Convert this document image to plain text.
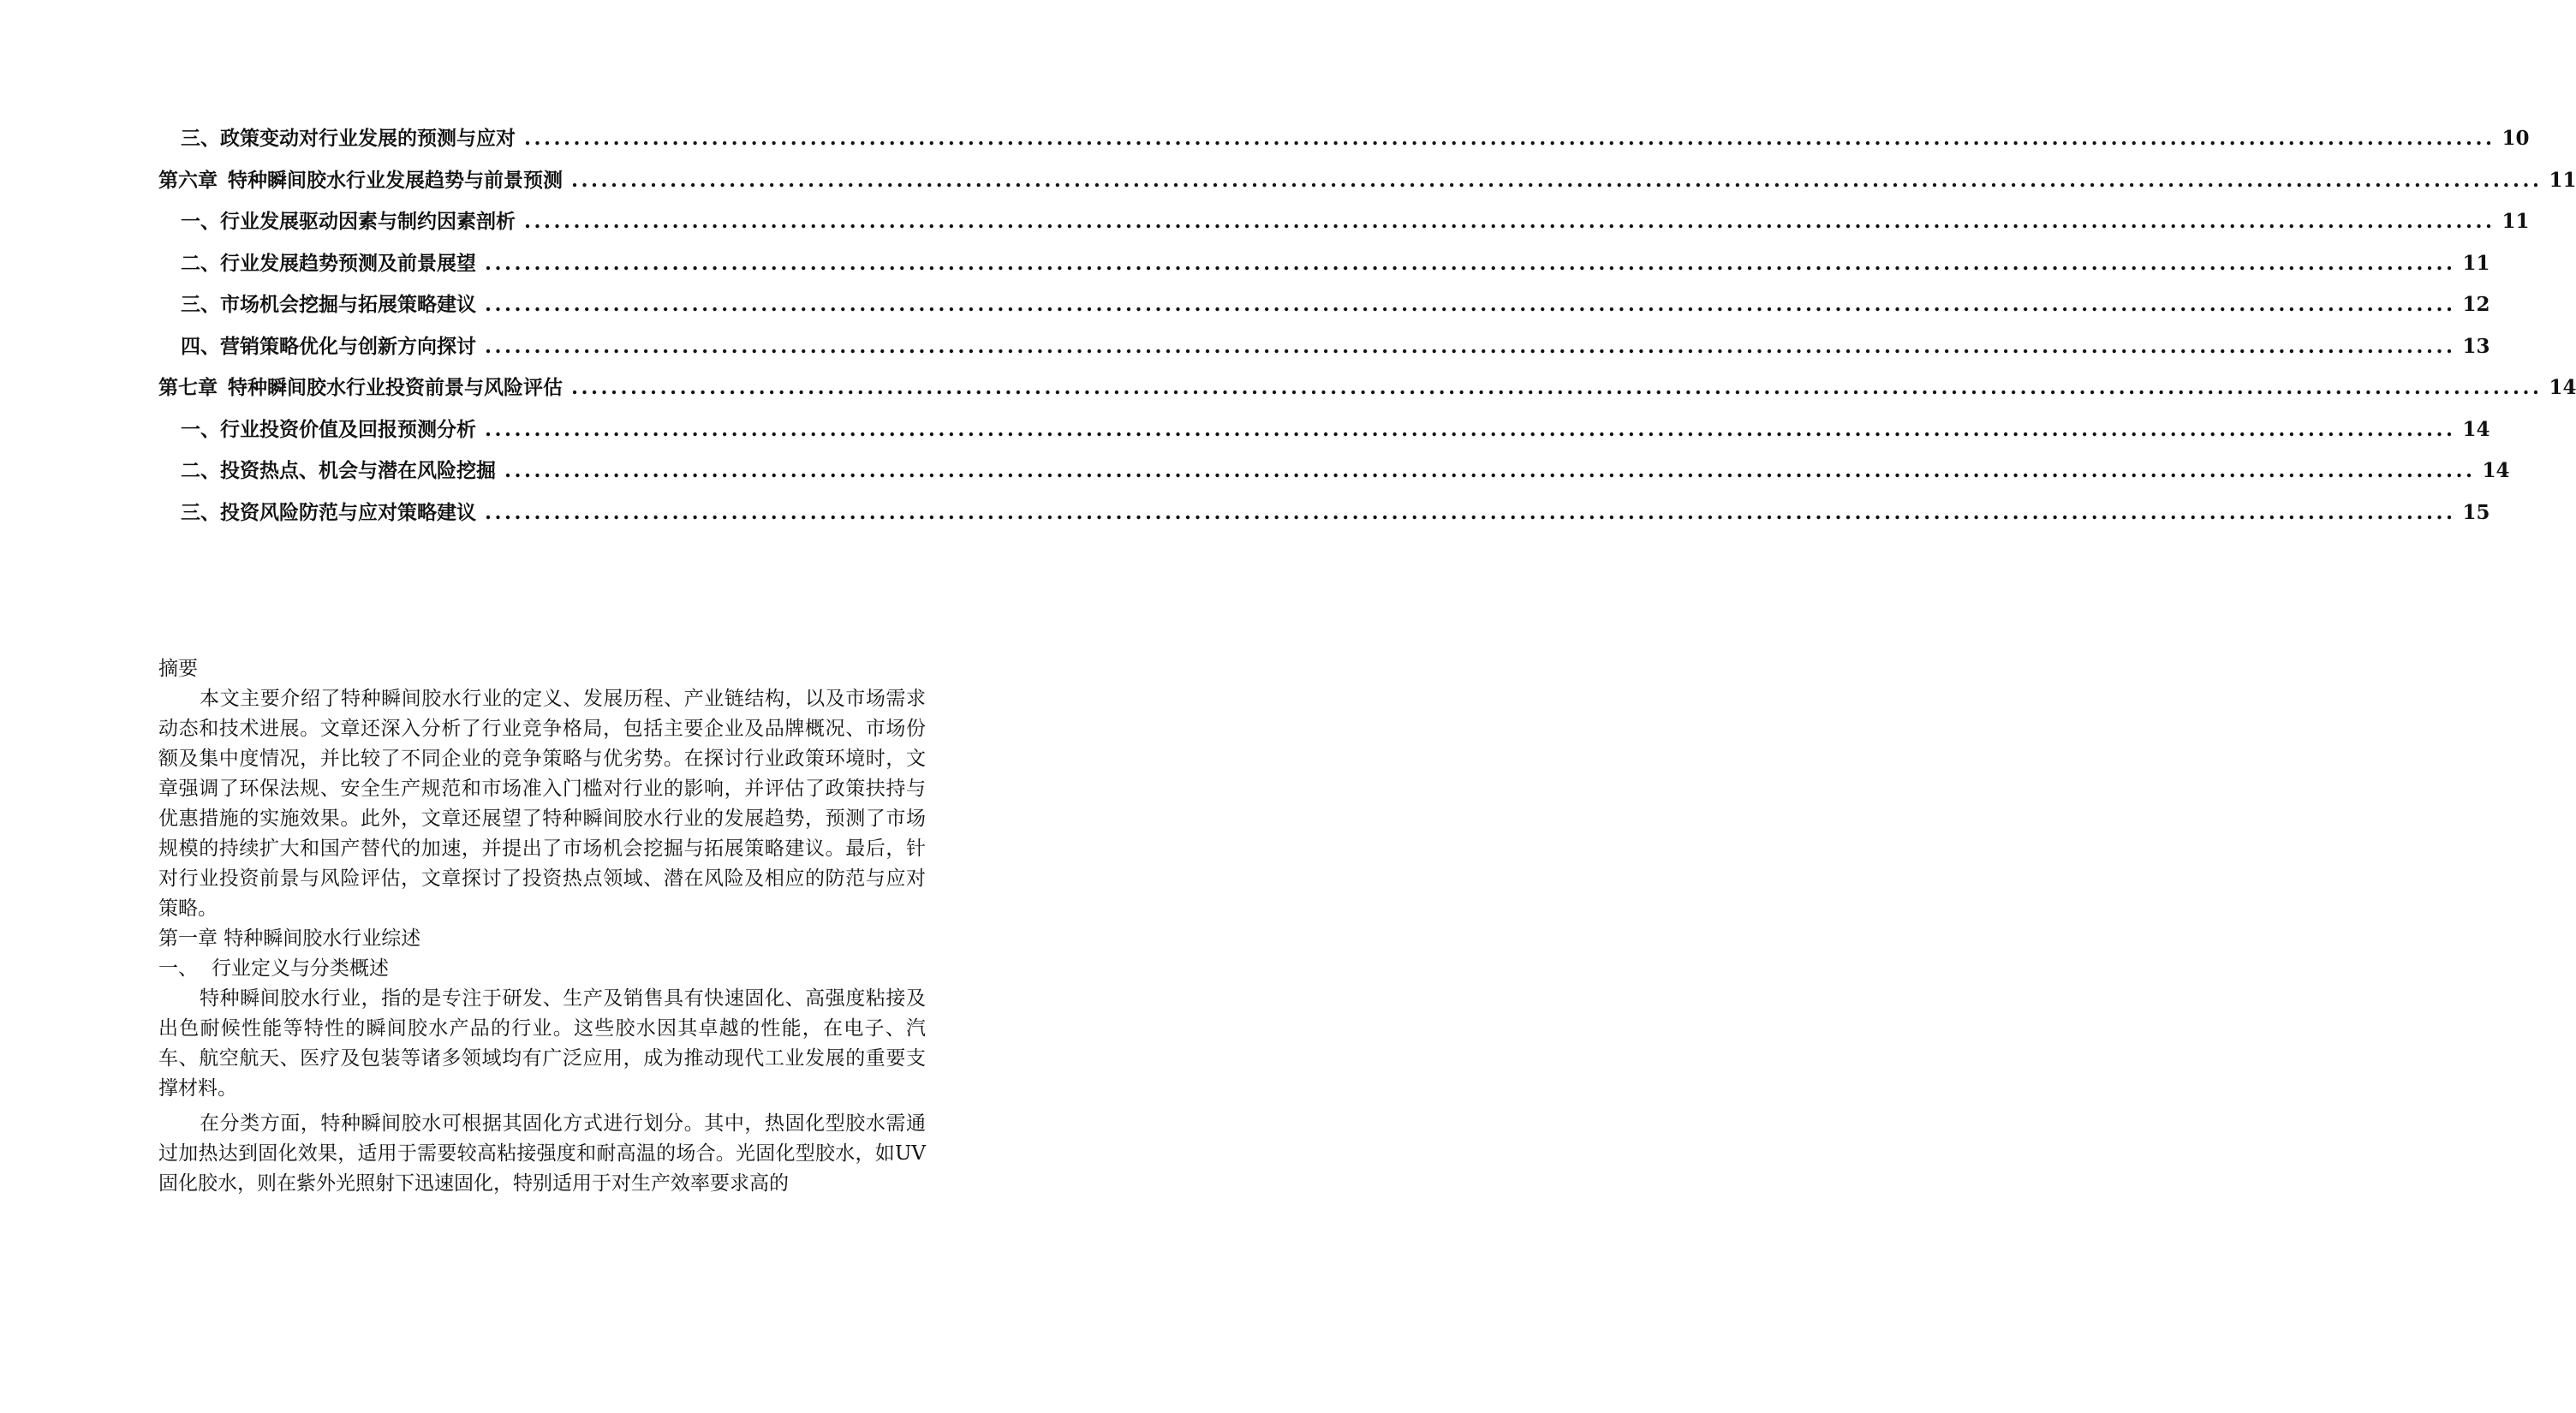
三、 政策变动对行业发展的预测与应对 ........................................................................................................................................................................................................ 10
第六章 特种瞬间胶水行业发展趋势与前景预测 ........................................................................................................................................................................................................ 11
一、 行业发展驱动因素与制约因素剖析 ........................................................................................................................................................................................................ 11
二、 行业发展趋势预测及前景展望 ........................................................................................................................................................................................................ 11
三、 市场机会挖掘与拓展策略建议 ........................................................................................................................................................................................................ 12
四、 营销策略优化与创新方向探讨 ........................................................................................................................................................................................................ 13
第七章 特种瞬间胶水行业投资前景与风险评估 ........................................................................................................................................................................................................ 14
一、 行业投资价值及回报预测分析 ........................................................................................................................................................................................................ 14
二、 投资热点、机会与潜在风险挖掘 ........................................................................................................................................................................................................ 14
三、 投资风险防范与应对策略建议 ........................................................................................................................................................................................................ 15

摘要

本文主要介绍了特种瞬间胶水行业的定义、发展历程、产业链结构，以及市场需求动态和技术进展。文章还深入分析了行业竞争格局，包括主要企业及品牌概况、市场份额及集中度情况，并比较了不同企业的竞争策略与优劣势。在探讨行业政策环境时，文章强调了环保法规、安全生产规范和市场准入门槛对行业的影响，并评估了政策扶持与优惠措施的实施效果。此外，文章还展望了特种瞬间胶水行业的发展趋势，预测了市场规模的持续扩大和国产替代的加速，并提出了市场机会挖掘与拓展策略建议。最后，针对行业投资前景与风险评估，文章探讨了投资热点领域、潜在风险及相应的防范与应对策略。

第一章 特种瞬间胶水行业综述

一、 行业定义与分类概述

特种瞬间胶水行业，指的是专注于研发、生产及销售具有快速固化、高强度粘接及出色耐候性能等特性的瞬间胶水产品的行业。这些胶水因其卓越的性能，在电子、汽车、航空航天、医疗及包装等诸多领域均有广泛应用，成为推动现代工业发展的重要支撑材料。

在分类方面，特种瞬间胶水可根据其固化方式进行划分。其中，热固化型胶水需通过加热达到固化效果，适用于需要较高粘接强度和耐高温的场合。光固化型胶水，如UV固化胶水，则在紫外光照射下迅速固化，特别适用于对生产效率要求高的
